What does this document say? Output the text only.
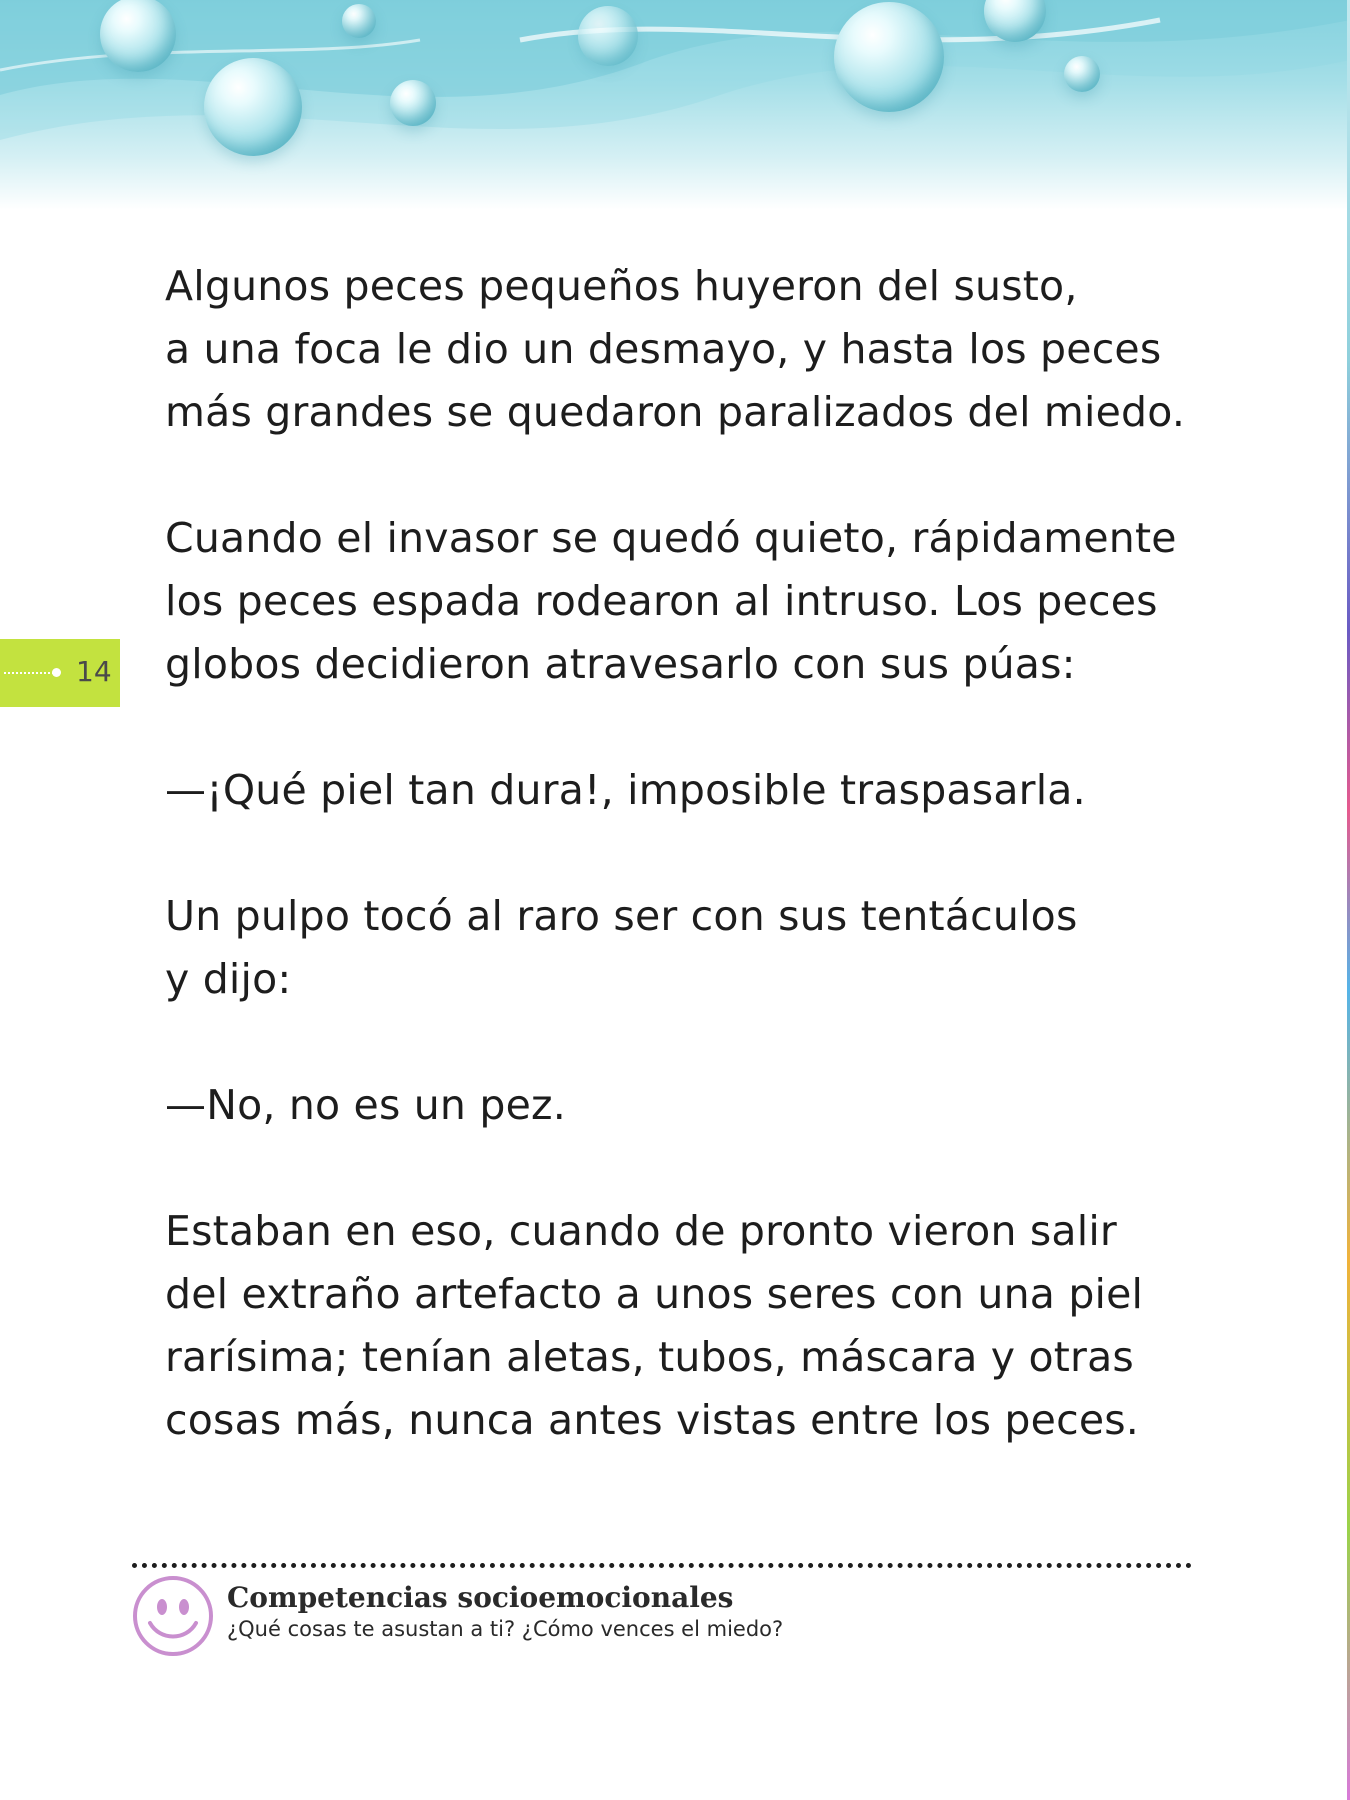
14

Algunos peces pequeños huyeron del susto,
a una foca le dio un desmayo, y hasta los peces
más grandes se quedaron paralizados del miedo.

Cuando el invasor se quedó quieto, rápidamente
los peces espada rodearon al intruso. Los peces
globos decidieron atravesarlo con sus púas:

—¡Qué piel tan dura!, imposible traspasarla.

Un pulpo tocó al raro ser con sus tentáculos
y dijo:

—No, no es un pez.

Estaban en eso, cuando de pronto vieron salir
del extraño artefacto a unos seres con una piel
rarísima; tenían aletas, tubos, máscara y otras
cosas más, nunca antes vistas entre los peces.

Competencias socioemocionales
¿Qué cosas te asustan a ti? ¿Cómo vences el miedo?
